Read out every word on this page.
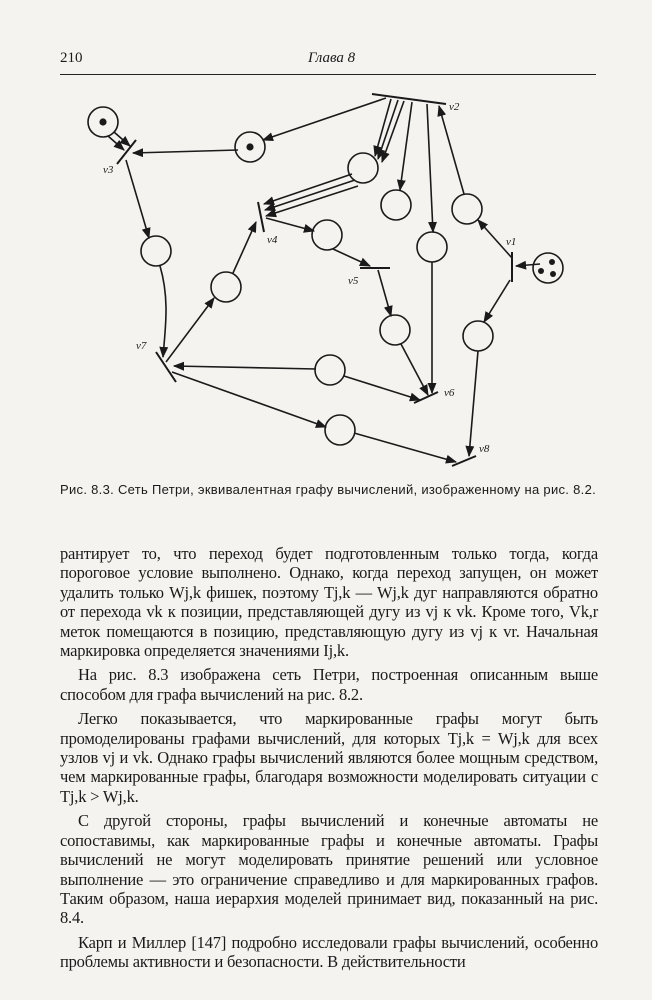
210	Глава 8
v2
v1
v3
v4
v5
v6
v7
v8
Рис. 8.3. Сеть Петри, эквивалентная графу вычислений, изображенному на рис. 8.2.

рантирует то, что переход будет подготовленным только тогда, когда пороговое условие выполнено. Однако, когда переход запущен, он может удалить только Wj,k фишек, поэтому Tj,k — Wj,k дуг направляются обратно от перехода vk к позиции, представляющей дугу из vj к vk. Кроме того, Vk,r меток помещаются в позицию, представляющую дугу из vj к vr. Начальная маркировка определяется значениями Ij,k.

На рис. 8.3 изображена сеть Петри, построенная описанным выше способом для графа вычислений на рис. 8.2.

Легко показывается, что маркированные графы могут быть промоделированы графами вычислений, для которых Tj,k = Wj,k для всех узлов vj и vk. Однако графы вычислений являются более мощным средством, чем маркированные графы, благодаря возможности моделировать ситуации с Tj,k > Wj,k.

С другой стороны, графы вычислений и конечные автоматы не сопоставимы, как маркированные графы и конечные автоматы. Графы вычислений не могут моделировать принятие решений или условное выполнение — это ограничение справедливо и для маркированных графов. Таким образом, наша иерархия моделей принимает вид, показанный на рис. 8.4.

Карп и Миллер [147] подробно исследовали графы вычислений, особенно проблемы активности и безопасности. В действительности
